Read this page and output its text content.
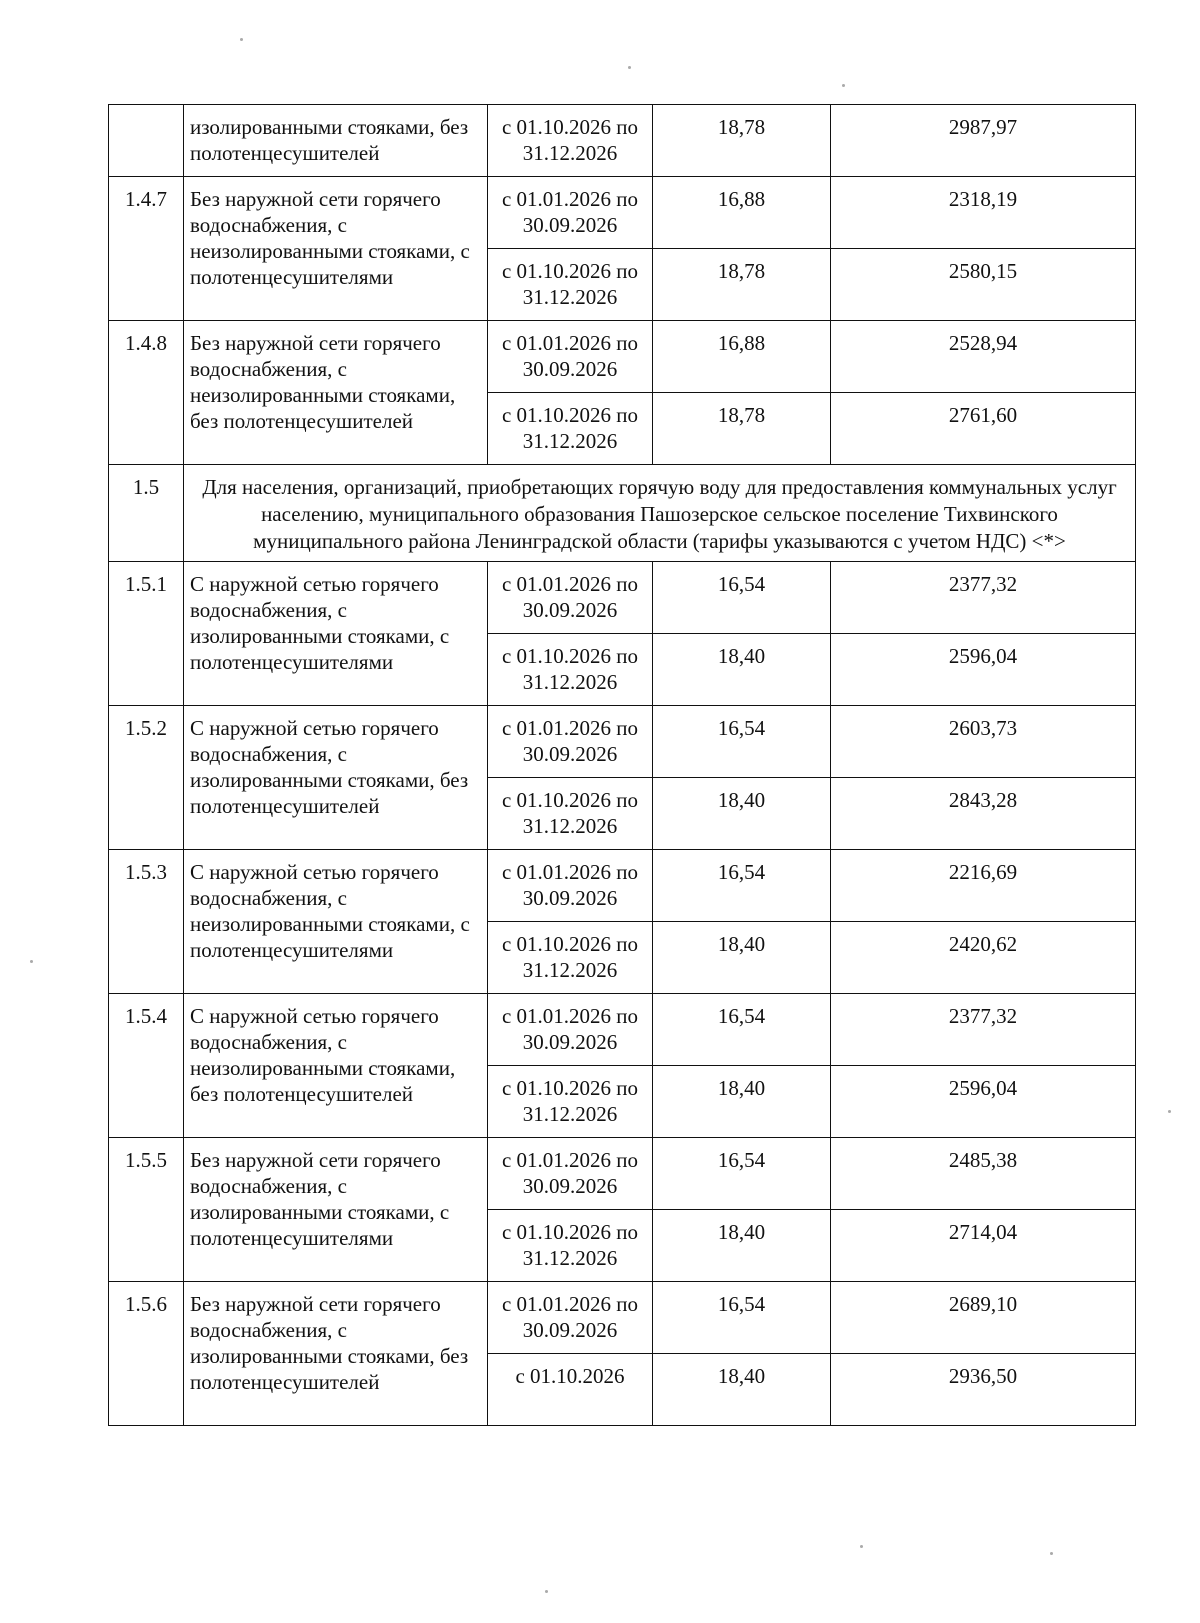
	изолированными стояками, без полотенцесушителей	с 01.10.2026 по 31.12.2026	18,78	2987,97
1.4.7	Без наружной сети горячего водоснабжения, с неизолированными стояками, с полотенцесушителями	с 01.01.2026 по 30.09.2026	16,88	2318,19
		с 01.10.2026 по 31.12.2026	18,78	2580,15
1.4.8	Без наружной сети горячего водоснабжения, с неизолированными стояками, без полотенцесушителей	с 01.01.2026 по 30.09.2026	16,88	2528,94
		с 01.10.2026 по 31.12.2026	18,78	2761,60
1.5	Для населения, организаций, приобретающих горячую воду для предоставления коммунальных услуг населению, муниципального образования Пашозерское сельское поселение Тихвинского муниципального района Ленинградской области (тарифы указываются с учетом НДС) <*>			
1.5.1	С наружной сетью горячего водоснабжения, с изолированными стояками, с полотенцесушителями	с 01.01.2026 по 30.09.2026	16,54	2377,32
		с 01.10.2026 по 31.12.2026	18,40	2596,04
1.5.2	С наружной сетью горячего водоснабжения, с изолированными стояками, без полотенцесушителей	с 01.01.2026 по 30.09.2026	16,54	2603,73
		с 01.10.2026 по 31.12.2026	18,40	2843,28
1.5.3	С наружной сетью горячего водоснабжения, с неизолированными стояками, с полотенцесушителями	с 01.01.2026 по 30.09.2026	16,54	2216,69
		с 01.10.2026 по 31.12.2026	18,40	2420,62
1.5.4	С наружной сетью горячего водоснабжения, с неизолированными стояками, без полотенцесушителей	с 01.01.2026 по 30.09.2026	16,54	2377,32
		с 01.10.2026 по 31.12.2026	18,40	2596,04
1.5.5	Без наружной сети горячего водоснабжения, с изолированными стояками, с полотенцесушителями	с 01.01.2026 по 30.09.2026	16,54	2485,38
		с 01.10.2026 по 31.12.2026	18,40	2714,04
1.5.6	Без наружной сети горячего водоснабжения, с изолированными стояками, без полотенцесушителей	с 01.01.2026 по 30.09.2026	16,54	2689,10
		с 01.10.2026	18,40	2936,50
